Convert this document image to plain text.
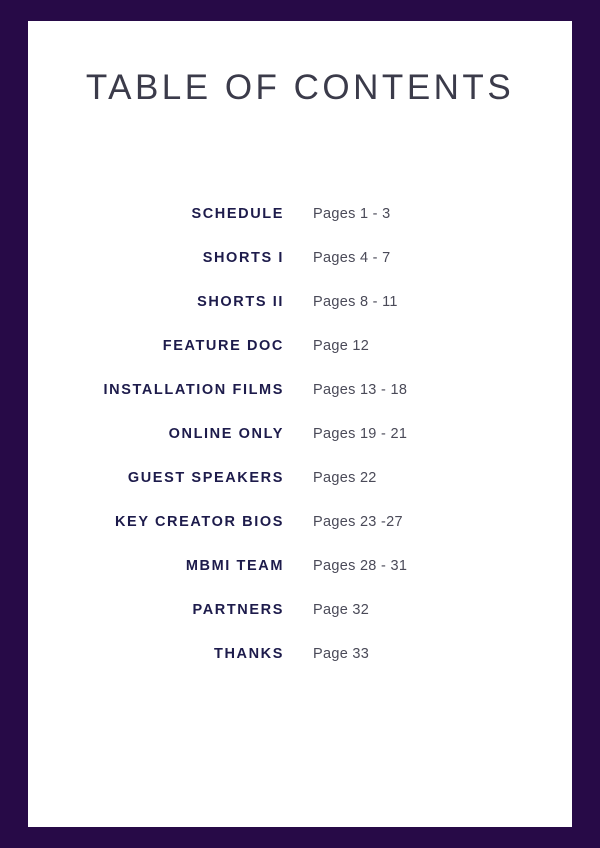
TABLE OF CONTENTS
SCHEDULE	Pages 1 - 3
SHORTS I	Pages 4 - 7
SHORTS II	Pages 8 - 11
FEATURE DOC	Page 12
INSTALLATION FILMS	Pages 13 - 18
ONLINE ONLY	Pages 19 - 21
GUEST SPEAKERS	Pages 22
KEY CREATOR BIOS	Pages 23 -27
MBMI TEAM	Pages 28 - 31
PARTNERS	Page 32
THANKS	Page 33
